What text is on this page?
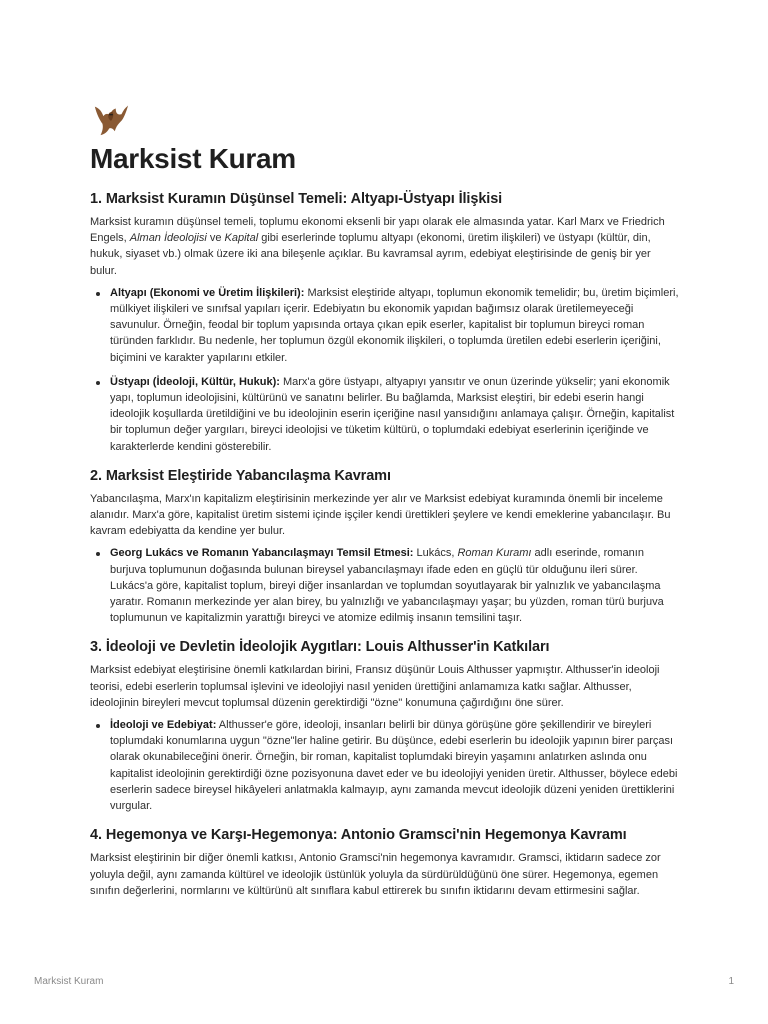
Marksist Kuram
1. Marksist Kuramın Düşünsel Temeli: Altyapı-Üstyapı İlişkisi

Marksist kuramın düşünsel temeli, toplumu ekonomi eksenli bir yapı olarak ele almasında yatar. Karl Marx ve Friedrich Engels, Alman İdeolojisi ve Kapital gibi eserlerinde toplumu altyapı (ekonomi, üretim ilişkileri) ve üstyapı (kültür, din, hukuk, siyaset vb.) olmak üzere iki ana bileşenle açıklar. Bu kavramsal ayrım, edebiyat eleştirisinde de geniş bir yer bulur.

Altyapı (Ekonomi ve Üretim İlişkileri): Marksist eleştiride altyapı, toplumun ekonomik temelidir; bu, üretim biçimleri, mülkiyet ilişkileri ve sınıfsal yapıları içerir. Edebiyatın bu ekonomik yapıdan bağımsız olarak üretilemeyeceği savunulur. Örneğin, feodal bir toplum yapısında ortaya çıkan epik eserler, kapitalist bir toplumun bireyci roman türünden farklıdır. Bu nedenle, her toplumun özgül ekonomik ilişkileri, o toplumda üretilen edebi eserlerin içeriğini, biçimini ve karakter yapılarını etkiler.
Üstyapı (İdeoloji, Kültür, Hukuk): Marx'a göre üstyapı, altyapıyı yansıtır ve onun üzerinde yükselir; yani ekonomik yapı, toplumun ideolojisini, kültürünü ve sanatını belirler. Bu bağlamda, Marksist eleştiri, bir edebi eserin hangi ideolojik koşullarda üretildiğini ve bu ideolojinin eserin içeriğine nasıl yansıdığını anlamaya çalışır. Örneğin, kapitalist bir toplumun değer yargıları, bireyci ideolojisi ve tüketim kültürü, o toplumdaki edebiyat eserlerinin içeriğinde ve karakterlerde kendini gösterebilir.
2. Marksist Eleştiride Yabancılaşma Kavramı

Yabancılaşma, Marx'ın kapitalizm eleştirisinin merkezinde yer alır ve Marksist edebiyat kuramında önemli bir inceleme alanıdır. Marx'a göre, kapitalist üretim sistemi içinde işçiler kendi ürettikleri şeylere ve kendi emeklerine yabancılaşır. Bu kavram edebiyatta da kendine yer bulur.

Georg Lukács ve Romanın Yabancılaşmayı Temsil Etmesi: Lukács, Roman Kuramı adlı eserinde, romanın burjuva toplumunun doğasında bulunan bireysel yabancılaşmayı ifade eden en güçlü tür olduğunu ileri sürer. Lukács'a göre, kapitalist toplum, bireyi diğer insanlardan ve toplumdan soyutlayarak bir yalnızlık ve yabancılaşma yaratır. Romanın merkezinde yer alan birey, bu yalnızlığı ve yabancılaşmayı yaşar; bu yüzden, roman türü burjuva toplumunun ve kapitalizmin yarattığı bireyci ve atomize edilmiş insanın temsilini taşır.
3. İdeoloji ve Devletin İdeolojik Aygıtları: Louis Althusser'in Katkıları

Marksist edebiyat eleştirisine önemli katkılardan birini, Fransız düşünür Louis Althusser yapmıştır. Althusser'in ideoloji teorisi, edebi eserlerin toplumsal işlevini ve ideolojiyi nasıl yeniden ürettiğini anlamamıza katkı sağlar. Althusser, ideolojinin bireyleri mevcut toplumsal düzenin gerektirdiği "özne" konumuna çağırdığını öne sürer.

İdeoloji ve Edebiyat: Althusser'e göre, ideoloji, insanları belirli bir dünya görüşüne göre şekillendirir ve bireyleri toplumdaki konumlarına uygun "özne"ler haline getirir. Bu düşünce, edebi eserlerin bu ideolojik yapının birer parçası olarak okunabileceğini önerir. Örneğin, bir roman, kapitalist toplumdaki bireyin yaşamını anlatırken aslında onu kapitalist ideolojinin gerektirdiği özne pozisyonuna davet eder ve bu ideolojiyi yeniden üretir. Althusser, böylece edebi eserlerin sadece bireysel hikâyeleri anlatmakla kalmayıp, aynı zamanda mevcut ideolojik düzeni yeniden ürettiklerini vurgular.
4. Hegemonya ve Karşı-Hegemonya: Antonio Gramsci'nin Hegemonya Kavramı

Marksist eleştirinin bir diğer önemli katkısı, Antonio Gramsci'nin hegemonya kavramıdır. Gramsci, iktidarın sadece zor yoluyla değil, aynı zamanda kültürel ve ideolojik üstünlük yoluyla da sürdürüldüğünü öne sürer. Hegemonya, egemen sınıfın değerlerini, normlarını ve kültürünü alt sınıflara kabul ettirerek bu sınıfın iktidarını devam ettirmesini sağlar.

Marksist Kuram	1
